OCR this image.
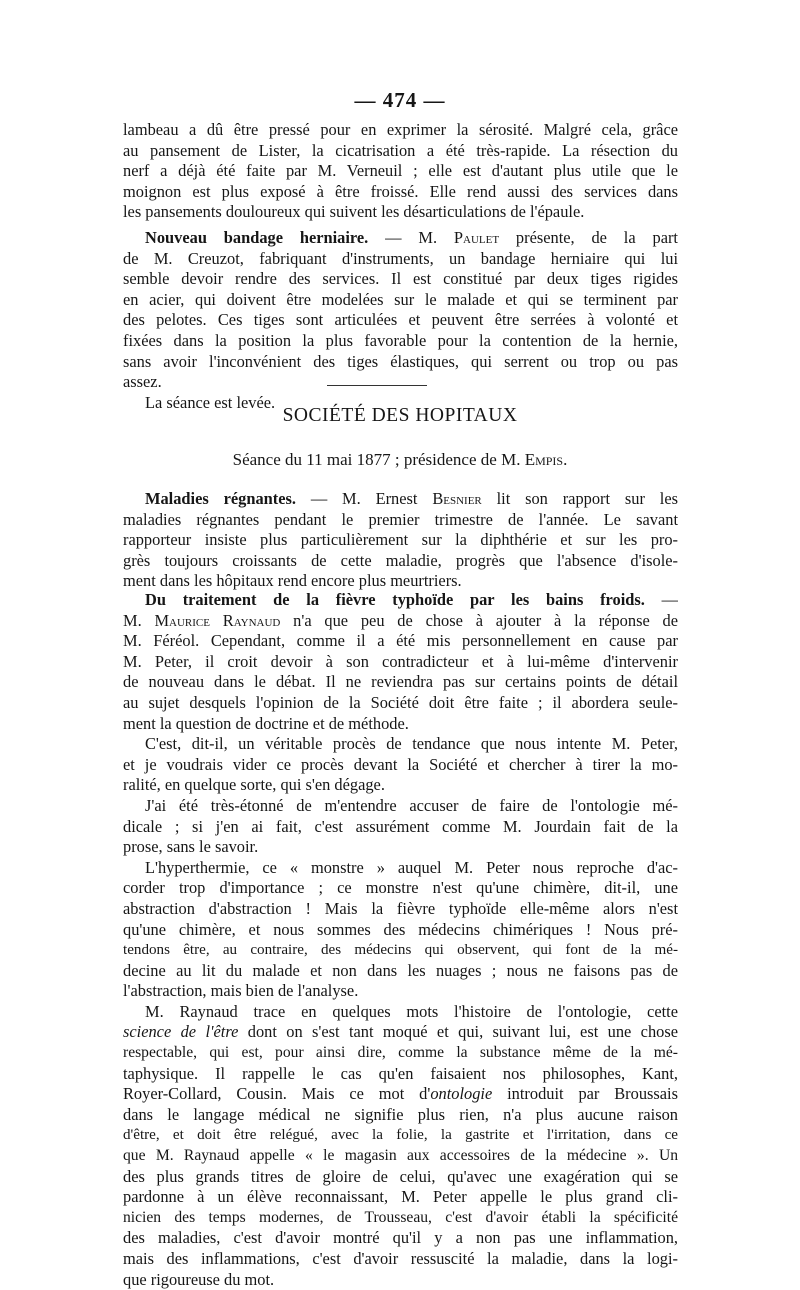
— 474 —
lambeau a dû être pressé pour en exprimer la sérosité. Malgré cela, grâce
au pansement de Lister, la cicatrisation a été très-rapide. La résection du
nerf a déjà été faite par M. Verneuil ; elle est d'autant plus utile que le
moignon est plus exposé à être froissé. Elle rend aussi des services dans
les pansements douloureux qui suivent les désarticulations de l'épaule.
Nouveau bandage herniaire. — M. Paulet présente, de la part
de M. Creuzot, fabriquant d'instruments, un bandage herniaire qui lui
semble devoir rendre des services. Il est constitué par deux tiges rigides
en acier, qui doivent être modelées sur le malade et qui se terminent par
des pelotes. Ces tiges sont articulées et peuvent être serrées à volonté et
fixées dans la position la plus favorable pour la contention de la hernie,
sans avoir l'inconvénient des tiges élastiques, qui serrent ou trop ou pas
assez.
La séance est levée.
SOCIÉTÉ DES HOPITAUX
Séance du 11 mai 1877 ; présidence de M. Empis.
Maladies régnantes. — M. Ernest Besnier lit son rapport sur les
maladies régnantes pendant le premier trimestre de l'année. Le savant
rapporteur insiste plus particulièrement sur la diphthérie et sur les pro-
grès toujours croissants de cette maladie, progrès que l'absence d'isole-
ment dans les hôpitaux rend encore plus meurtriers.
Du traitement de la fièvre typhoïde par les bains froids. —
M. Maurice Raynaud n'a que peu de chose à ajouter à la réponse de
M. Féréol. Cependant, comme il a été mis personnellement en cause par
M. Peter, il croit devoir à son contradicteur et à lui-même d'intervenir
de nouveau dans le débat. Il ne reviendra pas sur certains points de détail
au sujet desquels l'opinion de la Société doit être faite ; il abordera seule-
ment la question de doctrine et de méthode.
C'est, dit-il, un véritable procès de tendance que nous intente M. Peter,
et je voudrais vider ce procès devant la Société et chercher à tirer la mo-
ralité, en quelque sorte, qui s'en dégage.
J'ai été très-étonné de m'entendre accuser de faire de l'ontologie mé-
dicale ; si j'en ai fait, c'est assurément comme M. Jourdain fait de la
prose, sans le savoir.
L'hyperthermie, ce « monstre » auquel M. Peter nous reproche d'ac-
corder trop d'importance ; ce monstre n'est qu'une chimère, dit-il, une
abstraction d'abstraction ! Mais la fièvre typhoïde elle-même alors n'est
qu'une chimère, et nous sommes des médecins chimériques ! Nous pré-
tendons être, au contraire, des médecins qui observent, qui font de la mé-
decine au lit du malade et non dans les nuages ; nous ne faisons pas de
l'abstraction, mais bien de l'analyse.
M. Raynaud trace en quelques mots l'histoire de l'ontologie, cette
science de l'être dont on s'est tant moqué et qui, suivant lui, est une chose
respectable, qui est, pour ainsi dire, comme la substance même de la mé-
taphysique. Il rappelle le cas qu'en faisaient nos philosophes, Kant,
Royer-Collard, Cousin. Mais ce mot d'ontologie introduit par Broussais
dans le langage médical ne signifie plus rien, n'a plus aucune raison
d'être, et doit être relégué, avec la folie, la gastrite et l'irritation, dans ce
que M. Raynaud appelle « le magasin aux accessoires de la médecine ». Un
des plus grands titres de gloire de celui, qu'avec une exagération qui se
pardonne à un élève reconnaissant, M. Peter appelle le plus grand cli-
nicien des temps modernes, de Trousseau, c'est d'avoir établi la spécificité
des maladies, c'est d'avoir montré qu'il y a non pas une inflammation,
mais des inflammations, c'est d'avoir ressuscité la maladie, dans la logi-
que rigoureuse du mot.
